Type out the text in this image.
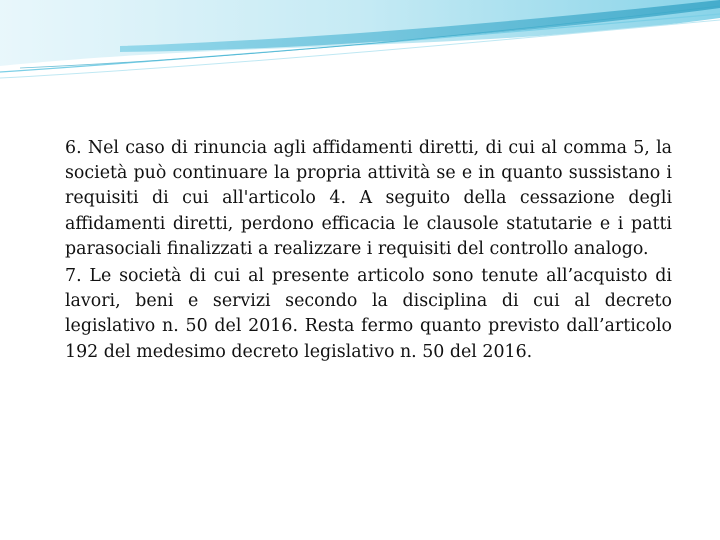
6. Nel caso di rinuncia agli affidamenti diretti, di cui al comma 5, la società può continuare la propria attività se e in quanto sussistano i requisiti di cui all'articolo 4. A seguito della cessazione degli affidamenti diretti, perdono efficacia le clausole statutarie e i patti parasociali finalizzati a realizzare i requisiti del controllo analogo.

7. Le società di cui al presente articolo sono tenute all’acquisto di lavori, beni e servizi secondo la disciplina di cui al decreto legislativo n. 50 del 2016. Resta fermo quanto previsto dall’articolo 192 del medesimo decreto legislativo n. 50 del 2016.
